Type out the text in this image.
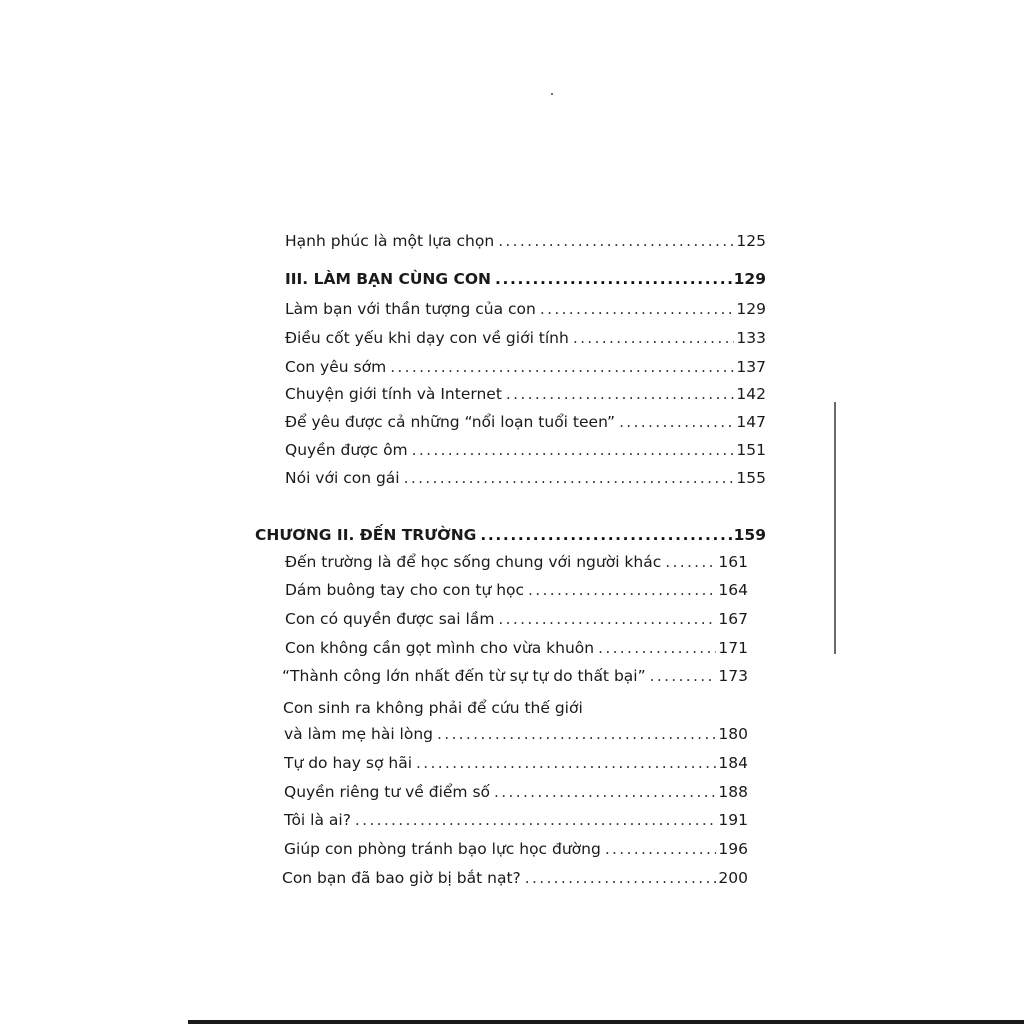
Hạnh phúc là một lựa chọn .....	125
III. LÀM BẠN CÙNG CON .....	129
Làm bạn với thần tượng của con .....	129
Điều cốt yếu khi dạy con về giới tính .....	133
Con yêu sớm .....	137
Chuyện giới tính và Internet .....	142
Để yêu được cả những “nổi loạn tuổi teen” .....	147
Quyền được ôm .....	151
Nói với con gái .....	155
CHƯƠNG II. ĐẾN TRƯỜNG .....	159
Đến trường là để học sống chung với người khác .....	161
Dám buông tay cho con tự học .....	164
Con có quyền được sai lầm .....	167
Con không cần gọt mình cho vừa khuôn .....	171
“Thành công lớn nhất đến từ sự tự do thất bại” .....	173
Con sinh ra không phải để cứu thế giới
và làm mẹ hài lòng .....	180
Tự do hay sợ hãi .....	184
Quyền riêng tư về điểm số .....	188
Tôi là ai? .....	191
Giúp con phòng tránh bạo lực học đường .....	196
Con bạn đã bao giờ bị bắt nạt? .....	200
